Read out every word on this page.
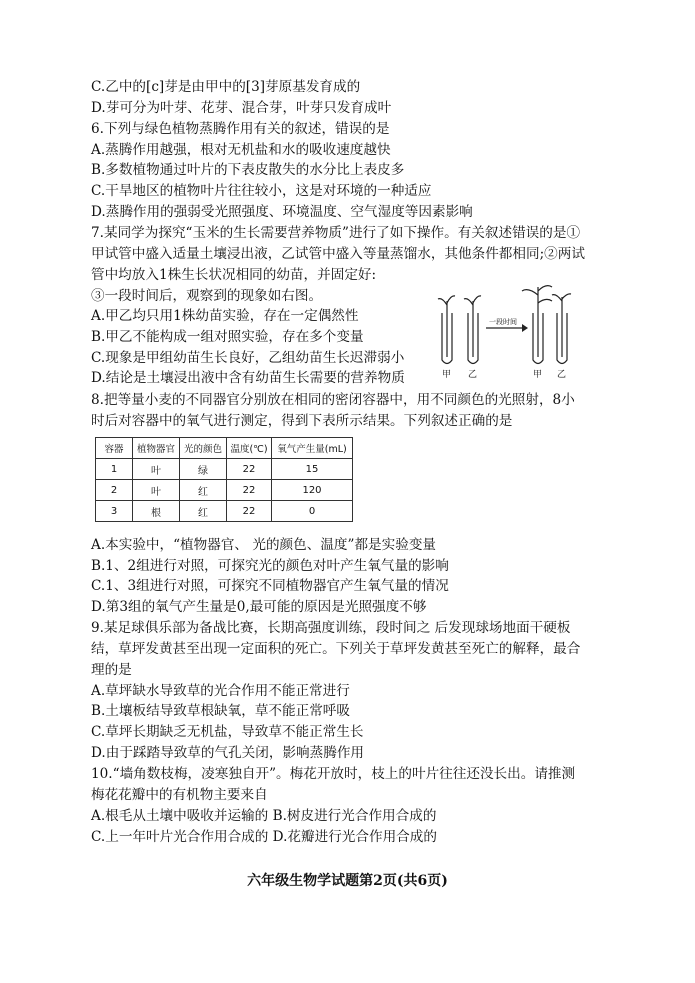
C.乙中的[c]芽是由甲中的[3]芽原基发育成的
D.芽可分为叶芽、花芽、混合芽，叶芽只发育成叶
6.下列与绿色植物蒸腾作用有关的叙述，错误的是
A.蒸腾作用越强，根对无机盐和水的吸收速度越快
B.多数植物通过叶片的下表皮散失的水分比上表皮多
C.干旱地区的植物叶片往往较小，这是对环境的一种适应
D.蒸腾作用的强弱受光照强度、环境温度、空气湿度等因素影响
7.某同学为探究“玉米的生长需要营养物质”进行了如下操作。有关叙述错误的是①
甲试管中盛入适量土壤浸出液，乙试管中盛入等量蒸馏水，其他条件都相同;②两试
管中均放入1株生长状况相同的幼苗，并固定好:
③一段时间后，观察到的现象如右图。
A.甲乙均只用1株幼苗实验，存在一定偶然性
B.甲乙不能构成一组对照实验，存在多个变量
C.现象是甲组幼苗生长良好，乙组幼苗生长迟滞弱小
D.结论是土壤浸出液中含有幼苗生长需要的营养物质
8.把等量小麦的不同器官分别放在相同的密闭容器中，用不同颜色的光照射，8小
时后对容器中的氧气进行测定，得到下表所示结果。下列叙述正确的是
一段时间
甲 乙	甲 乙
容器	植物器官	光的颜色	温度(℃)	氧气产生量(mL)
1	叶	绿	22	15
2	叶	红	22	120
3	根	红	22	0
A.本实验中，“植物器官、 光的颜色、温度”都是实验变量
B.1、2组进行对照，可探究光的颜色对叶产生氧气量的影响
C.1、3组进行对照，可探究不同植物器官产生氧气量的情况
D.第3组的氧气产生量是0,最可能的原因是光照强度不够
9.某足球俱乐部为备战比赛，长期高强度训练，段时间之 后发现球场地面干硬板
结，草坪发黄甚至出现一定面积的死亡。下列关于草坪发黄甚至死亡的解释，最合
理的是
A.草坪缺水导致草的光合作用不能正常进行
B.土壤板结导致草根缺氧，草不能正常呼吸
C.草坪长期缺乏无机盐，导致草不能正常生长
D.由于踩踏导致草的气孔关闭，影响蒸腾作用
10.“墙角数枝梅，凌寒独自开”。梅花开放时，枝上的叶片往往还没长出。请推测
梅花花瓣中的有机物主要来自
A.根毛从土壤中吸收并运输的 B.树皮进行光合作用合成的
C.上一年叶片光合作用合成的 D.花瓣进行光合作用合成的
六年级生物学试题第2页(共6页)
